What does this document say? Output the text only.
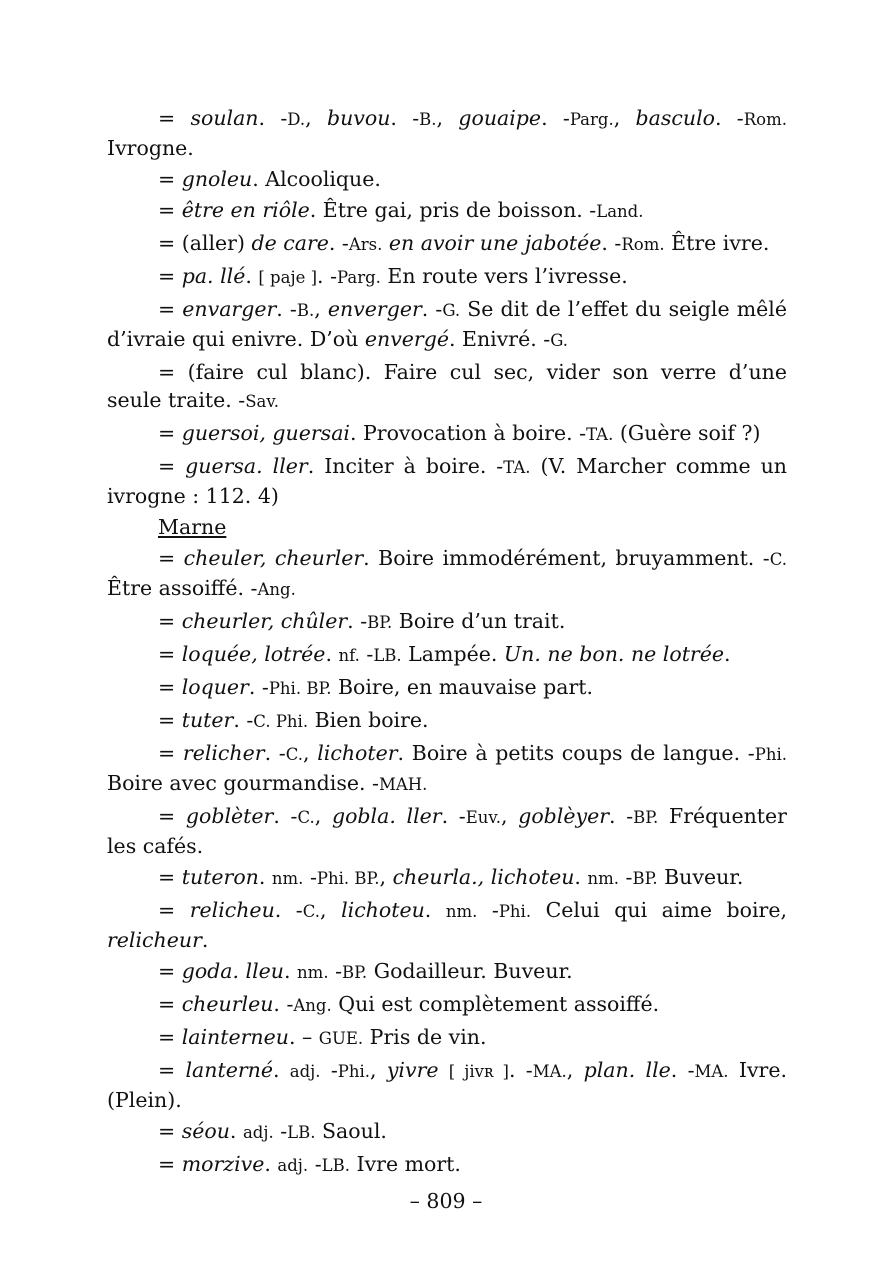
= soulan. -D., buvou. -B., gouaipe. -Parg., basculo. -Rom. Ivrogne.

= gnoleu. Alcoolique.

= être en riôle. Être gai, pris de boisson. -Land.

= (aller) de care. -Ars. en avoir une jabotée. -Rom. Être ivre.

= pa. llé. [ paje ]. -Parg. En route vers l’ivresse.

= envarger. -B., enverger. -G. Se dit de l’effet du seigle mêlé d’ivraie qui enivre. D’où envergé. Enivré. -G.

= (faire cul blanc). Faire cul sec, vider son verre d’une seule traite. -Sav.

= guersoi, guersai. Provocation à boire. -TA. (Guère soif ?)

= guersa. ller. Inciter à boire. -TA. (V. Marcher comme un ivrogne : 112. 4)

Marne

= cheuler, cheurler. Boire immodérément, bruyamment. -C. Être assoiffé. -Ang.

= cheurler, chûler. -BP. Boire d’un trait.

= loquée, lotrée. nf. -LB. Lampée. Un. ne bon. ne lotrée.

= loquer. -Phi. BP. Boire, en mauvaise part.

= tuter. -C. Phi. Bien boire.

= relicher. -C., lichoter. Boire à petits coups de langue. -Phi. Boire avec gourmandise. -MAH.

= goblèter. -C., gobla. ller. -Euv., goblèyer. -BP. Fréquenter les cafés.

= tuteron. nm. -Phi. BP., cheurla., lichoteu. nm. -BP. Buveur.

= relicheu. -C., lichoteu. nm. -Phi. Celui qui aime boire, relicheur.

= goda. lleu. nm. -BP. Godailleur. Buveur.

= cheurleu. -Ang. Qui est complètement assoiffé.

= lainterneu. – GUE. Pris de vin.

= lanterné. adj. -Phi., yivre [ jivʀ ]. -MA., plan. lle. -MA. Ivre. (Plein).

= séou. adj. -LB. Saoul.

= morzive. adj. -LB. Ivre mort.

– 809 –
